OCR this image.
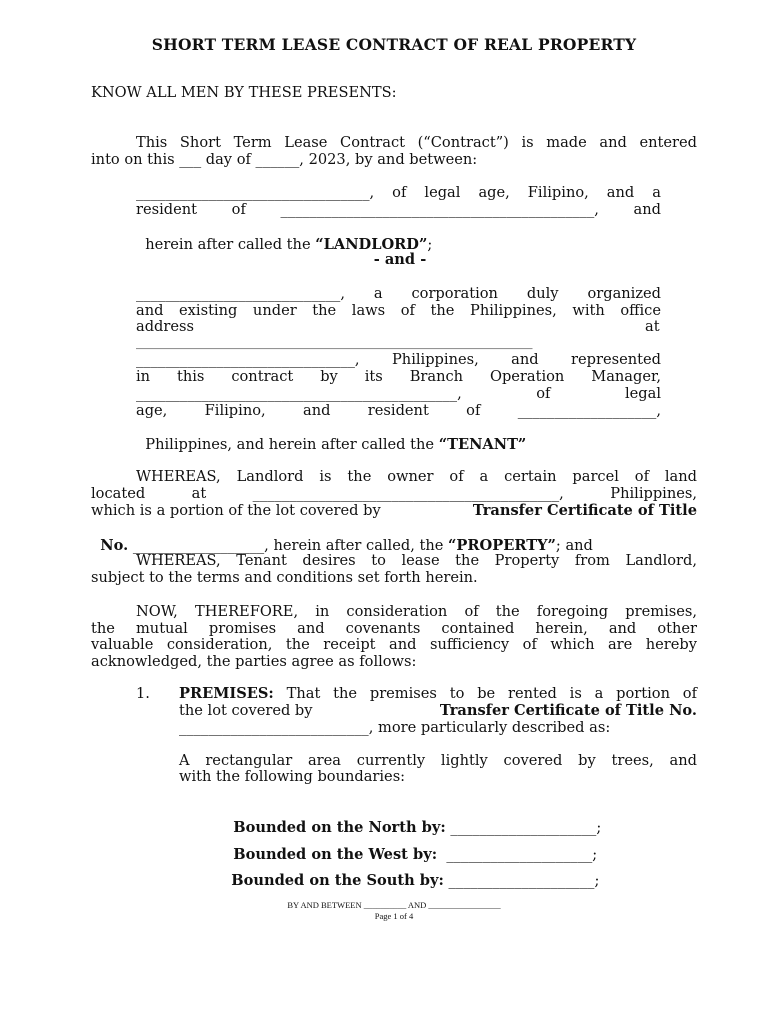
SHORT TERM LEASE CONTRACT OF REAL PROPERTY
KNOW ALL MEN BY THESE PRESENTS:
This Short Term Lease Contract (“Contract”) is made and entered
into on this ___ day of ______, 2023, by and between:
________________________________, of legal age, Filipino, and a
resident of ___________________________________________, and

herein after called the “LANDLORD”;

- and -
____________________________, a corporation duly organized
and existing under the laws of the Philippines, with office
address	at
_____________________________________________________________
______________________________, Philippines, and represented
in this contract by its Branch Operation Manager,
____________________________________________, of legal
age, Filipino, and resident of ___________________,

Philippines, and herein after called the “TENANT”

WHEREAS, Landlord is the owner of a certain parcel of land
located at __________________________________________, Philippines,
which is a portion of the lot covered by	Transfer Certificate of Title

No. __________________, herein after called, the “PROPERTY”; and

WHEREAS, Tenant desires to lease the Property from Landlord,
subject to the terms and conditions set forth herein.
NOW, THEREFORE, in consideration of the foregoing premises,
the mutual promises and covenants contained herein, and other
valuable consideration, the receipt and sufficiency of which are hereby
acknowledged, the parties agree as follows:
1. PREMISES: That the premises to be rented is a portion of
the lot covered by	Transfer Certificate of Title No.
__________________________, more particularly described as:
A rectangular area currently lightly covered by trees, and
with the following boundaries:

Bounded on the North by: ____________________;

Bounded on the West by:  ____________________;

Bounded on the South by: ____________________;

BY AND BETWEEN __________ AND _________________
Page 1 of 4
